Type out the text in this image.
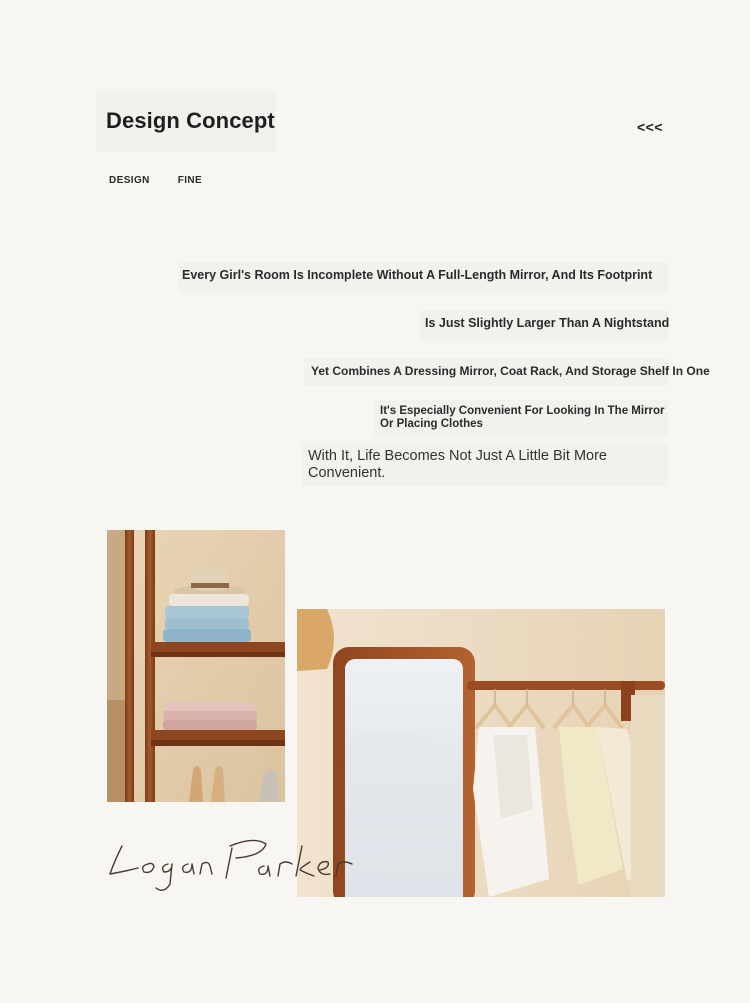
Design Concept	<<<
DESIGN	FINE
Every Girl's Room Is Incomplete Without A Full-Length Mirror, And Its Footprint
Is Just Slightly Larger Than A Nightstand
Yet Combines A Dressing Mirror, Coat Rack, And Storage Shelf In One
It's Especially Convenient For Looking In The Mirror Or Placing Clothes
With It, Life Becomes Not Just A Little Bit More Convenient.
